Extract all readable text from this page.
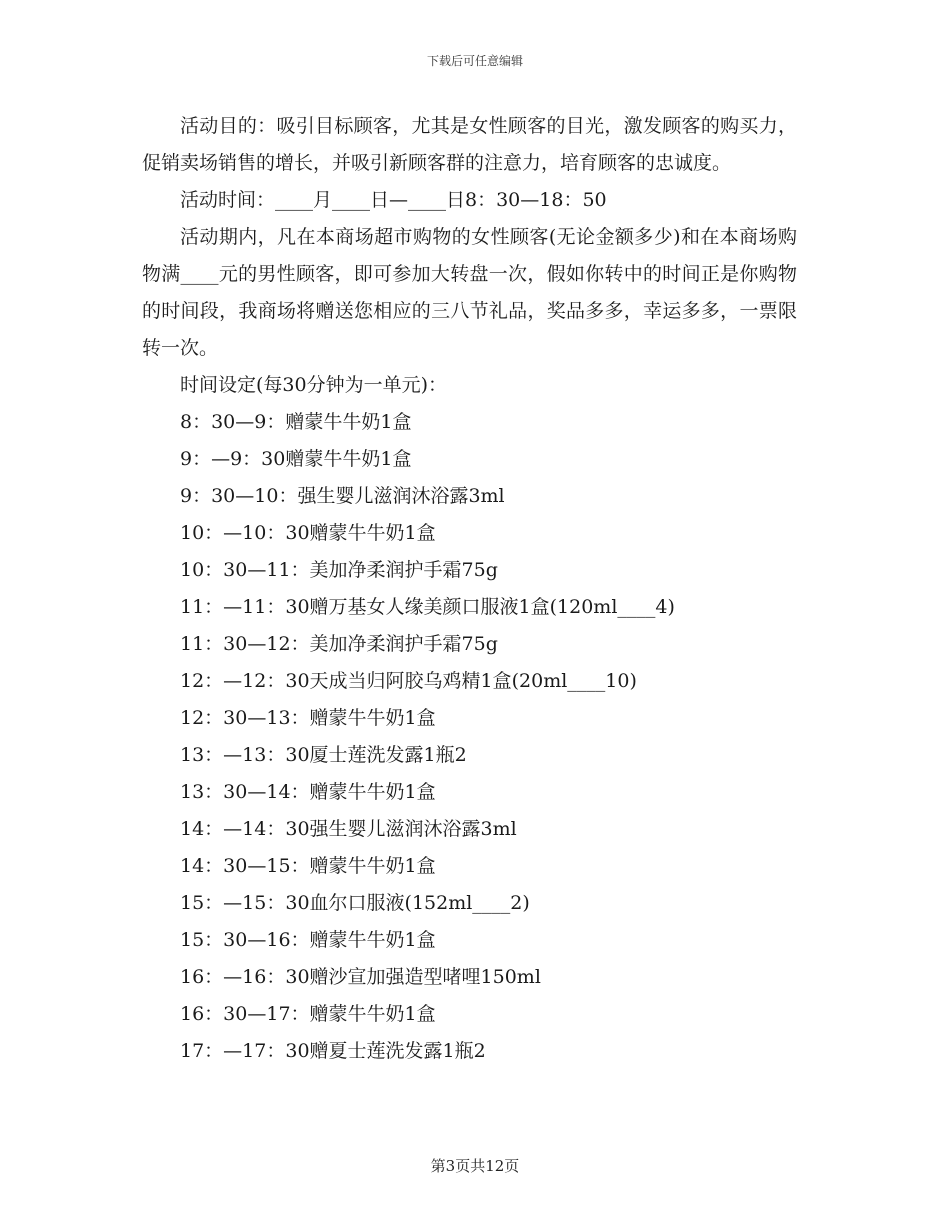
下载后可任意编辑

活动目的：吸引目标顾客，尤其是女性顾客的目光，激发顾客的购买力，促销卖场销售的增长，并吸引新顾客群的注意力，培育顾客的忠诚度。

活动时间：____月____日—____日8：30—18：50

活动期内，凡在本商场超市购物的女性顾客(无论金额多少)和在本商场购物满____元的男性顾客，即可参加大转盘一次，假如你转中的时间正是你购物的时间段，我商场将赠送您相应的三八节礼品，奖品多多，幸运多多，一票限转一次。

时间设定(每30分钟为一单元)：

8：30—9：赠蒙牛牛奶1盒

9：—9：30赠蒙牛牛奶1盒

9：30—10：强生婴儿滋润沐浴露3ml

10：—10：30赠蒙牛牛奶1盒

10：30—11：美加净柔润护手霜75g

11：—11：30赠万基女人缘美颜口服液1盒(120ml____4)

11：30—12：美加净柔润护手霜75g

12：—12：30天成当归阿胶乌鸡精1盒(20ml____10)

12：30—13：赠蒙牛牛奶1盒

13：—13：30厦士莲洗发露1瓶2

13：30—14：赠蒙牛牛奶1盒

14：—14：30强生婴儿滋润沐浴露3ml

14：30—15：赠蒙牛牛奶1盒

15：—15：30血尔口服液(152ml____2)

15：30—16：赠蒙牛牛奶1盒

16：—16：30赠沙宣加强造型啫哩150ml

16：30—17：赠蒙牛牛奶1盒

17：—17：30赠夏士莲洗发露1瓶2

第3页共12页
